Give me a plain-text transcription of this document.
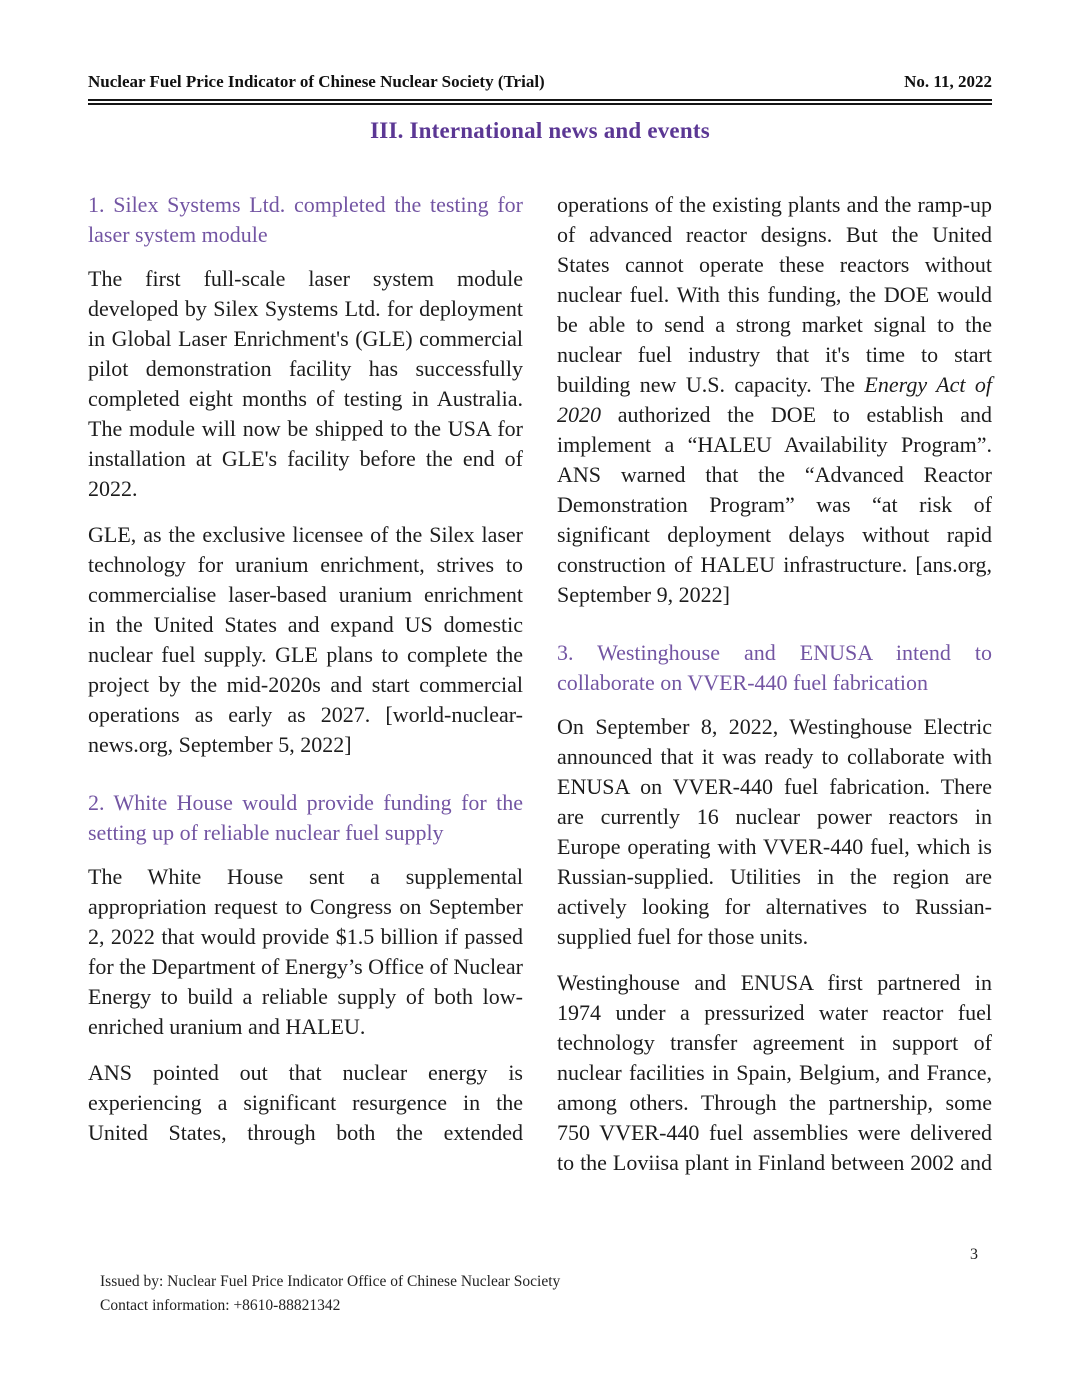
Nuclear Fuel Price Indicator of Chinese Nuclear Society (Trial)	No. 11, 2022
III. International news and events
1. Silex Systems Ltd. completed the testing for laser system module

The first full-scale laser system module developed by Silex Systems Ltd. for deployment in Global Laser Enrichment's (GLE) commercial pilot demonstration facility has successfully completed eight months of testing in Australia. The module will now be shipped to the USA for installation at GLE's facility before the end of 2022.

GLE, as the exclusive licensee of the Silex laser technology for uranium enrichment, strives to commercialise laser-based uranium enrichment in the United States and expand US domestic nuclear fuel supply. GLE plans to complete the project by the mid-2020s and start commercial operations as early as 2027. [world-nuclear-news.org, September 5, 2022]

2. White House would provide funding for the setting up of reliable nuclear fuel supply

The White House sent a supplemental appropriation request to Congress on September 2, 2022 that would provide $1.5 billion if passed for the Department of Energy’s Office of Nuclear Energy to build a reliable supply of both low-enriched uranium and HALEU.

ANS pointed out that nuclear energy is experiencing a significant resurgence in the United States, through both the extended

operations of the existing plants and the ramp-up of advanced reactor designs. But the United States cannot operate these reactors without nuclear fuel. With this funding, the DOE would be able to send a strong market signal to the nuclear fuel industry that it's time to start building new U.S. capacity. The Energy Act of 2020 authorized the DOE to establish and implement a “HALEU Availability Program”. ANS warned that the “Advanced Reactor Demonstration Program” was “at risk of significant deployment delays without rapid construction of HALEU infrastructure. [ans.org, September 9, 2022]

3. Westinghouse and ENUSA intend to collaborate on VVER-440 fuel fabrication

On September 8, 2022, Westinghouse Electric announced that it was ready to collaborate with ENUSA on VVER-440 fuel fabrication. There are currently 16 nuclear power reactors in Europe operating with VVER-440 fuel, which is Russian-supplied. Utilities in the region are actively looking for alternatives to Russian-supplied fuel for those units.

Westinghouse and ENUSA first partnered in 1974 under a pressurized water reactor fuel technology transfer agreement in support of nuclear facilities in Spain, Belgium, and France, among others. Through the partnership, some 750 VVER-440 fuel assemblies were delivered to the Loviisa plant in Finland between 2002 and

3
Issued by: Nuclear Fuel Price Indicator Office of Chinese Nuclear Society
Contact information: +8610-88821342
